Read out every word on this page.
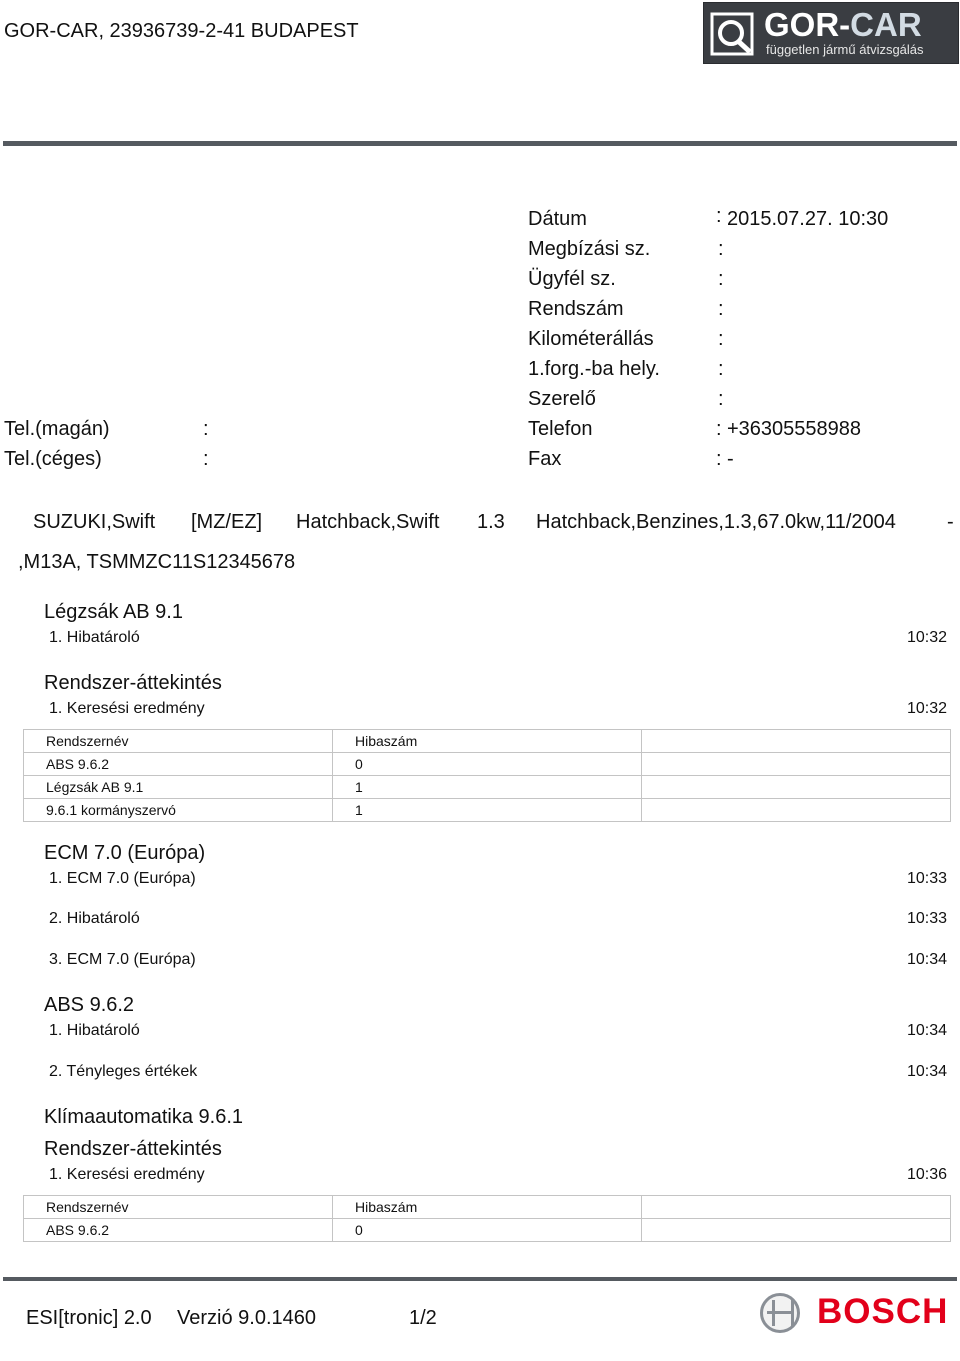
GOR-CAR, 23936739-2-41 BUDAPEST	GOR-CAR
független jármű átvizsgálás
Dátum	: 2015.07.27. 10:30
Megbízási sz.	:
Ügyfél sz.	:
Rendszám	:
Kilométerállás	:
1.forg.-ba hely.	:
Szerelő	:
Telefon	: +36305558988
Fax	: -
Tel.(magán)	:
Tel.(céges)	:
SUZUKI,Swift [MZ/EZ] Hatchback,Swift 1.3 Hatchback,Benzines,1.3,67.0kw,11/2004	-
,M13A, TSMMZC11S12345678
Légzsák AB 9.1
1. Hibatároló	10:32
Rendszer-áttekintés
1. Keresési eredmény	10:32
Rendszernév	Hibaszám	
ABS 9.6.2	0	
Légzsák AB 9.1	1	
9.6.1 kormányszervó	1	
ECM 7.0 (Európa)
1. ECM 7.0 (Európa)	10:33
2. Hibatároló	10:33
3. ECM 7.0 (Európa)	10:34
ABS 9.6.2
1. Hibatároló	10:34
2. Tényleges értékek	10:34
Klímaautomatika 9.6.1
Rendszer-áttekintés
1. Keresési eredmény	10:36
Rendszernév	Hibaszám	
ABS 9.6.2	0	
ESI[tronic] 2.0 Verzió 9.0.1460	1/2	BOSCH
